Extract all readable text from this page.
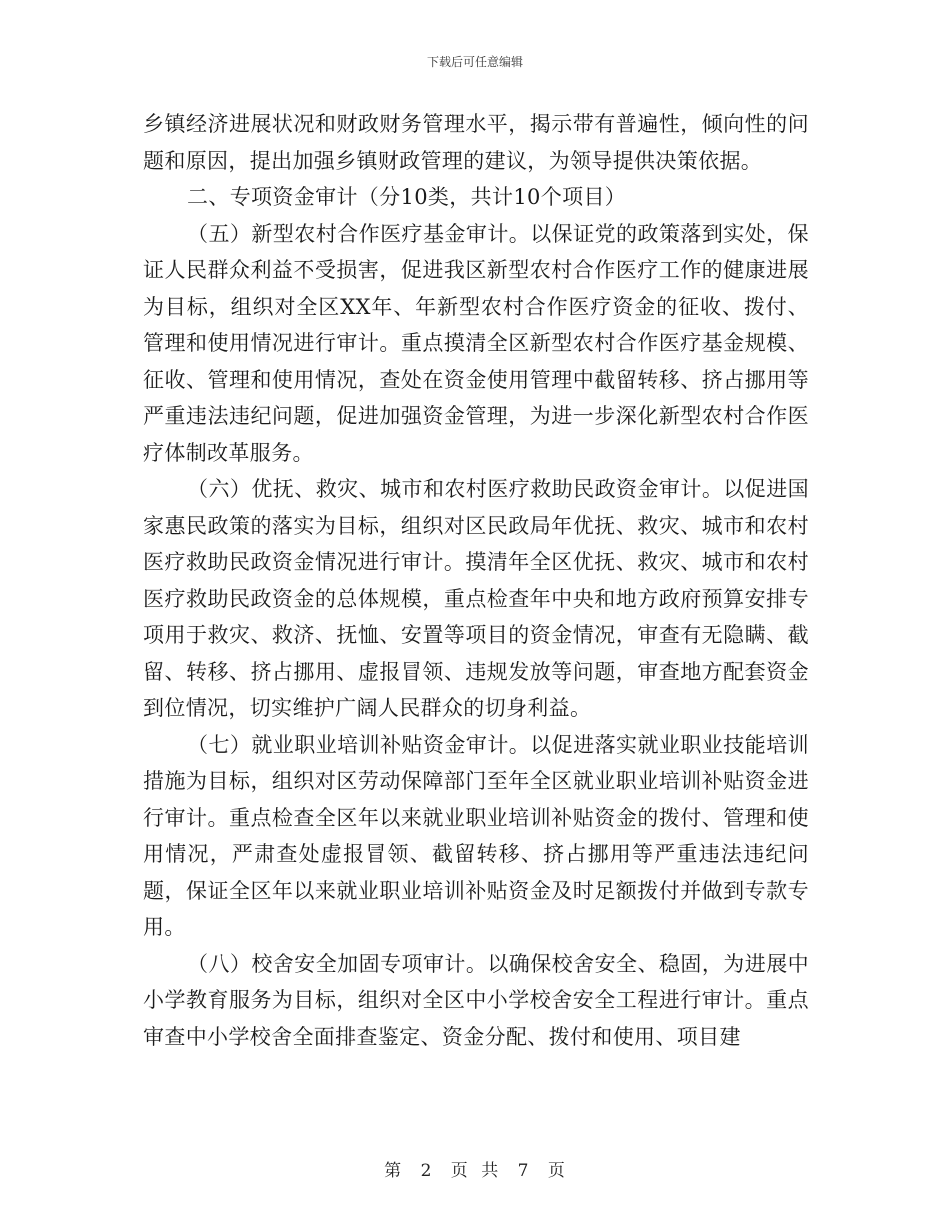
下载后可任意编辑

乡镇经济进展状况和财政财务管理水平，揭示带有普遍性，倾向性的问题和原因，提出加强乡镇财政管理的建议，为领导提供决策依据。

二、专项资金审计（分10类，共计10个项目）

（五）新型农村合作医疗基金审计。以保证党的政策落到实处，保证人民群众利益不受损害，促进我区新型农村合作医疗工作的健康进展为目标，组织对全区XX年、年新型农村合作医疗资金的征收、拨付、管理和使用情况进行审计。重点摸清全区新型农村合作医疗基金规模、征收、管理和使用情况，查处在资金使用管理中截留转移、挤占挪用等严重违法违纪问题，促进加强资金管理，为进一步深化新型农村合作医疗体制改革服务。

（六）优抚、救灾、城市和农村医疗救助民政资金审计。以促进国家惠民政策的落实为目标，组织对区民政局年优抚、救灾、城市和农村医疗救助民政资金情况进行审计。摸清年全区优抚、救灾、城市和农村医疗救助民政资金的总体规模，重点检查年中央和地方政府预算安排专项用于救灾、救济、抚恤、安置等项目的资金情况，审查有无隐瞒、截留、转移、挤占挪用、虚报冒领、违规发放等问题，审查地方配套资金到位情况，切实维护广阔人民群众的切身利益。

（七）就业职业培训补贴资金审计。以促进落实就业职业技能培训措施为目标，组织对区劳动保障部门至年全区就业职业培训补贴资金进行审计。重点检查全区年以来就业职业培训补贴资金的拨付、管理和使用情况，严肃查处虚报冒领、截留转移、挤占挪用等严重违法违纪问题，保证全区年以来就业职业培训补贴资金及时足额拨付并做到专款专用。

（八）校舍安全加固专项审计。以确保校舍安全、稳固，为进展中小学教育服务为目标，组织对全区中小学校舍安全工程进行审计。重点审查中小学校舍全面排查鉴定、资金分配、拨付和使用、项目建

第 2 页 共 7 页
